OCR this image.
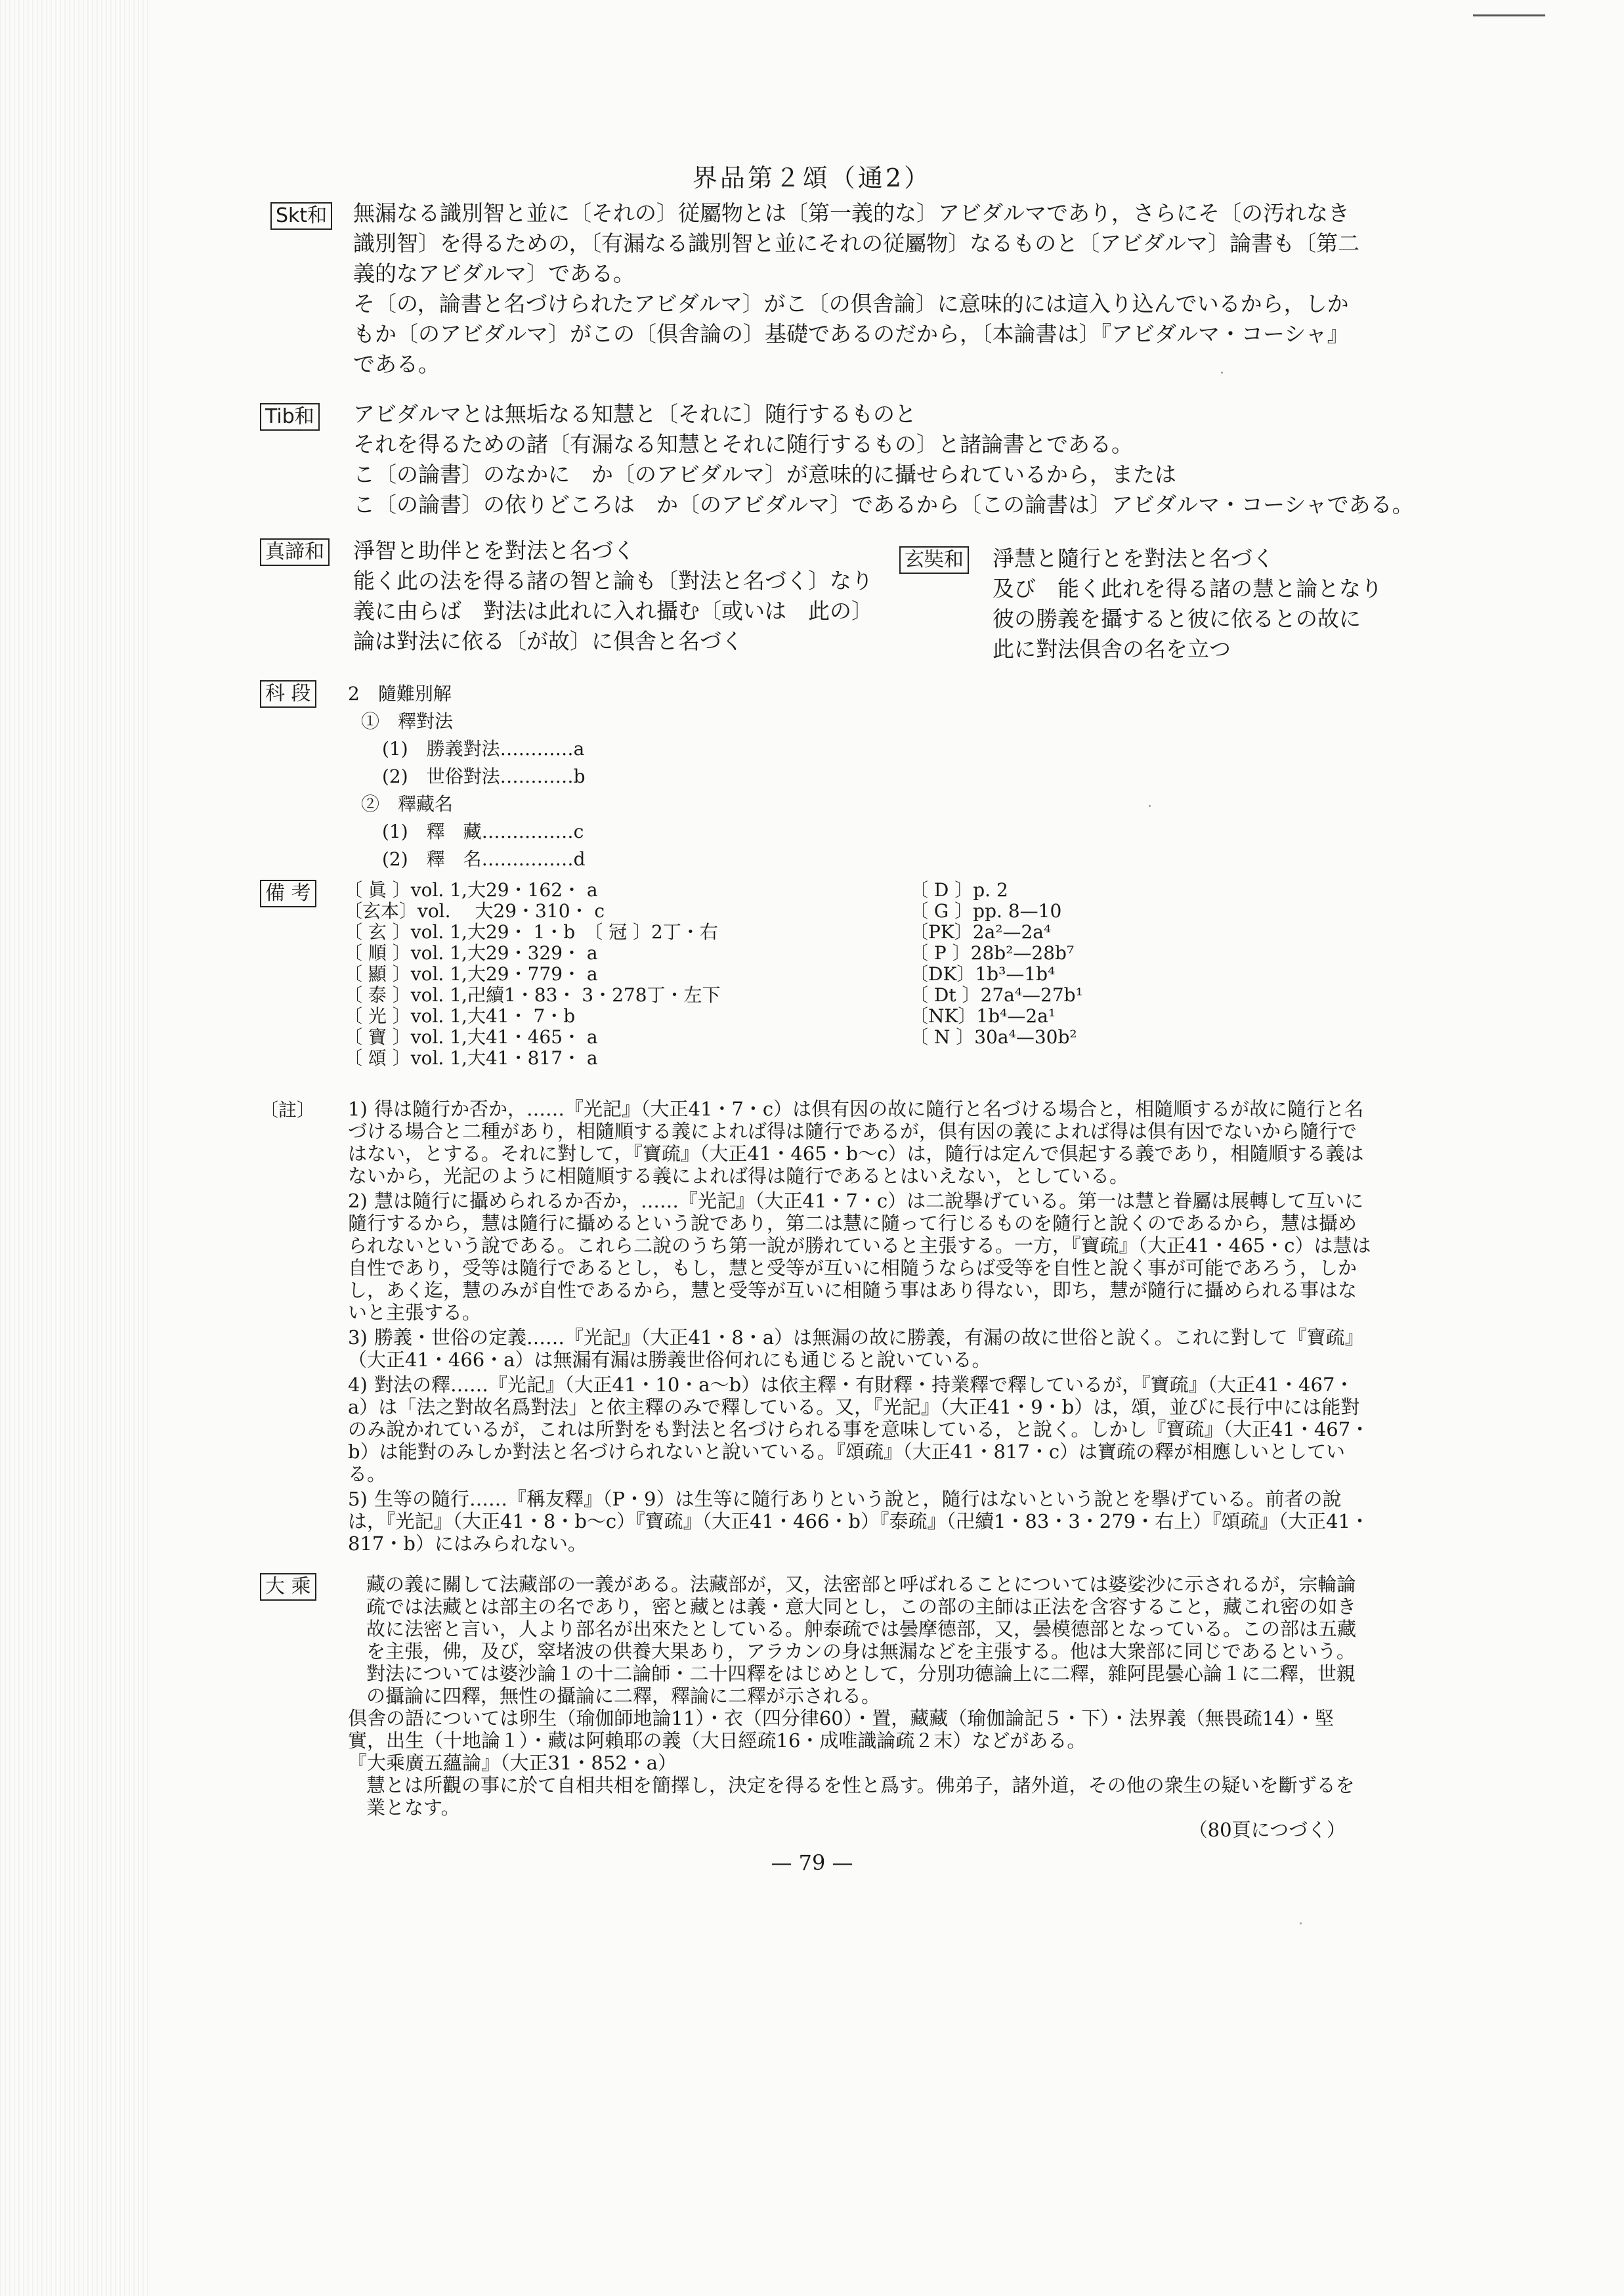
界品第２頌（通2）
Skt和 無漏なる識別智と並に〔それの〕従屬物とは〔第一義的な〕アビダルマであり，さらにそ〔の汚れなき
識別智〕を得るための，〔有漏なる識別智と並にそれの従屬物〕なるものと〔アビダルマ〕論書も〔第二
義的なアビダルマ〕である。
そ〔の，論書と名づけられたアビダルマ〕がこ〔の倶舎論〕に意味的には這入り込んでいるから，しか
もか〔のアビダルマ〕がこの〔倶舎論の〕基礎であるのだから，〔本論書は〕『アビダルマ・コーシャ』
である。
Tib和 アビダルマとは無垢なる知慧と〔それに〕随行するものと
それを得るための諸〔有漏なる知慧とそれに随行するもの〕と諸論書とである。
こ〔の論書〕のなかに　か〔のアビダルマ〕が意味的に攝せられているから，または
こ〔の論書〕の依りどころは　か〔のアビダルマ〕であるから〔この論書は〕アビダルマ・コーシャである。
真諦和 淨智と助伴とを對法と名づく
能く此の法を得る諸の智と論も〔對法と名づく〕なり
義に由らば　對法は此れに入れ攝む〔或いは　此の〕
論は對法に依る〔が故〕に倶舎と名づく
玄奘和 淨慧と隨行とを對法と名づく
及び　能く此れを得る諸の慧と論となり
彼の勝義を攝すると彼に依るとの故に
此に對法倶舎の名を立つ
科 段 2　隨難別解
①　釋對法
(1)　勝義對法…………a
(2)　世俗對法…………b
②　釋藏名
(1)　釋　藏……………c
(2)　釋　名……………d
備 考 〔 眞 〕vol. 1,大29・162・ a
〔玄本〕vol.　 大29・310・ c
〔 玄 〕vol. 1,大29・ 1・b　〔 冠 〕2丁・右
〔 順 〕vol. 1,大29・329・ a
〔 顯 〕vol. 1,大29・779・ a
〔 泰 〕vol. 1,卍續1・83・ 3・278丁・左下
〔 光 〕vol. 1,大41・ 7・b
〔 寶 〕vol. 1,大41・465・ a
〔 頌 〕vol. 1,大41・817・ a
〔 D 〕p. 2
〔 G 〕pp. 8—10
〔PK〕2a²—2a⁴
〔 P 〕28b²—28b⁷
〔DK〕1b³—1b⁴
〔 Dt 〕27a⁴—27b¹
〔NK〕1b⁴—2a¹
〔 N 〕30a⁴—30b²
〔註〕 1) 得は隨行か否か，……『光記』（大正41・7・c）は倶有因の故に隨行と名づける場合と，相隨順するが故に隨行と名づける場合と二種があり，相隨順する義によれば得は隨行であるが，倶有因の義によれば得は倶有因でないから隨行ではない，とする。それに對して，『寶疏』（大正41・465・b～c）は，隨行は定んで倶起する義であり，相隨順する義はないから，光記のように相隨順する義によれば得は隨行であるとはいえない，としている。
2) 慧は隨行に攝められるか否か，……『光記』（大正41・7・c）は二說擧げている。第一は慧と眷屬は展轉して互いに隨行するから，慧は隨行に攝めるという說であり，第二は慧に隨って行じるものを隨行と說くのであるから，慧は攝められないという說である。これら二說のうち第一說が勝れていると主張する。一方，『寶疏』（大正41・465・c）は慧は自性であり，受等は隨行であるとし，もし，慧と受等が互いに相隨うならば受等を自性と說く事が可能であろう，しかし，あく迄，慧のみが自性であるから，慧と受等が互いに相隨う事はあり得ない，即ち，慧が隨行に攝められる事はないと主張する。
3) 勝義・世俗の定義……『光記』（大正41・8・a）は無漏の故に勝義，有漏の故に世俗と說く。これに對して『寶疏』（大正41・466・a）は無漏有漏は勝義世俗何れにも通じると說いている。
4) 對法の釋……『光記』（大正41・10・a～b）は依主釋・有財釋・持業釋で釋しているが，『寶疏』（大正41・467・a）は「法之對故名爲對法」と依主釋のみで釋している。又，『光記』（大正41・9・b）は，頌，並びに長行中には能對のみ說かれているが，これは所對をも對法と名づけられる事を意味している，と說く。しかし『寶疏』（大正41・467・b）は能對のみしか對法と名づけられないと說いている。『頌疏』（大正41・817・c）は寶疏の釋が相應しいとしている。
5) 生等の隨行……『稱友釋』（P・9）は生等に隨行ありという說と，隨行はないという說とを擧げている。前者の說は，『光記』（大正41・8・b～c）『寶疏』（大正41・466・b）『泰疏』（卍續1・83・3・279・右上）『頌疏』（大正41・817・b）にはみられない。
大 乘	藏の義に關して法藏部の一義がある。法藏部が，又，法密部と呼ばれることについては婆娑沙に示されるが，宗輪論疏では法藏とは部主の名であり，密と藏とは義・意大同とし，この部の主師は正法を含容すること，藏これ密の如き故に法密と言い，人より部名が出來たとしている。舯泰疏では曇摩德部，又，曇模德部となっている。この部は五藏を主張，佛，及び，窣堵波の供養大果あり，アラカンの身は無漏などを主張する。他は大衆部に同じであるという。對法については婆沙論１の十二論師・二十四釋をはじめとして，分別功德論上に二釋，雜阿毘曇心論１に二釋，世親の攝論に四釋，無性の攝論に二釋，釋論に二釋が示される。

倶舎の語については卵生（瑜伽師地論11）・衣（四分律60）・置，藏藏（瑜伽論記５・下）・法界義（無畏疏14）・堅實，出生（十地論１）・藏は阿賴耶の義（大日經疏16・成唯識論疏２末）などがある。

『大乘廣五蘊論』（大正31・852・a）

慧とは所觀の事に於て自相共相を簡擇し，決定を得るを性と爲す。佛弟子，諸外道，その他の衆生の疑いを斷ずるを業となす。

（80頁につづく）
— 79 —
